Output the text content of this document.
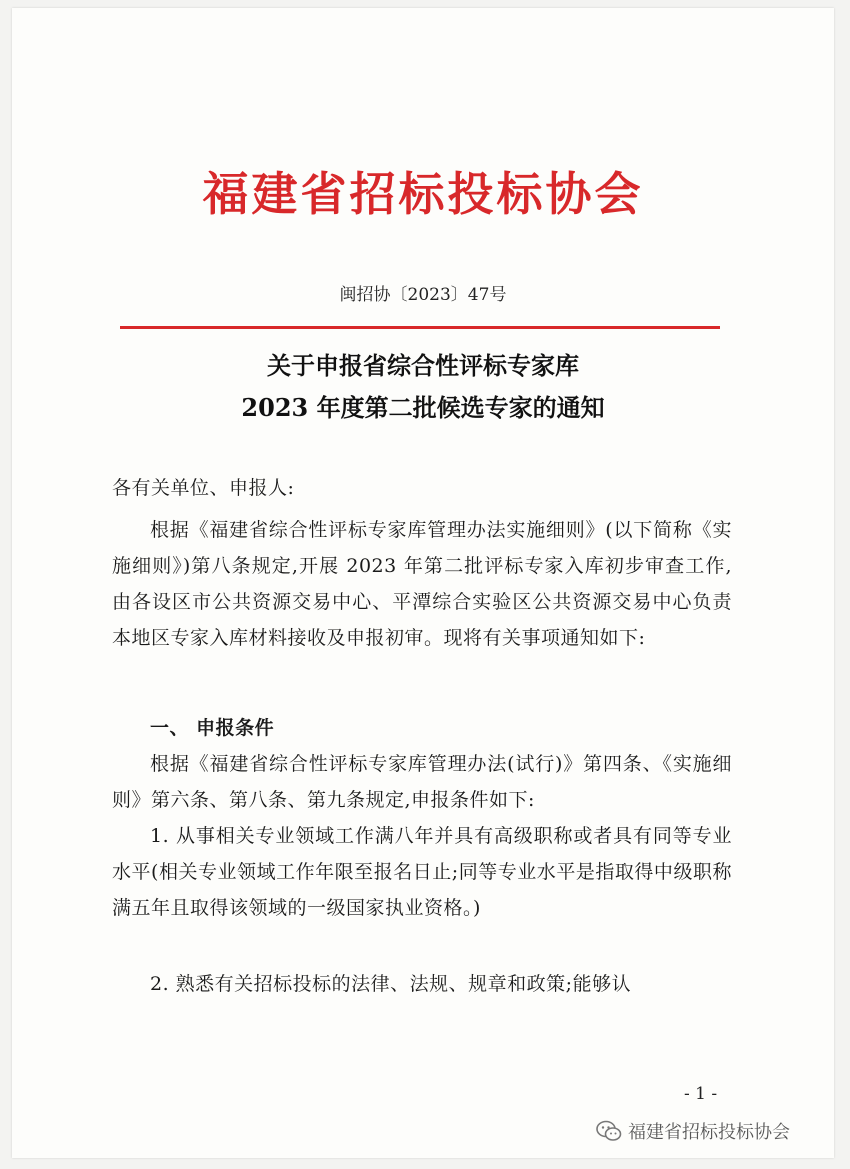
福建省招标投标协会
闽招协〔2023〕47号
关于申报省综合性评标专家库
2023 年度第二批候选专家的通知
各有关单位、申报人:

根据《福建省综合性评标专家库管理办法实施细则》(以下简称《实施细则》)第八条规定,开展 2023 年第二批评标专家入库初步审查工作,由各设区市公共资源交易中心、平潭综合实验区公共资源交易中心负责本地区专家入库材料接收及申报初审。现将有关事项通知如下:

一、 申报条件

根据《福建省综合性评标专家库管理办法(试行)》第四条、《实施细则》第六条、第八条、第九条规定,申报条件如下:

1. 从事相关专业领域工作满八年并具有高级职称或者具有同等专业水平(相关专业领域工作年限至报名日止;同等专业水平是指取得中级职称满五年且取得该领域的一级国家执业资格。)

2. 熟悉有关招标投标的法律、法规、规章和政策;能够认

- 1 -
福建省招标投标协会
